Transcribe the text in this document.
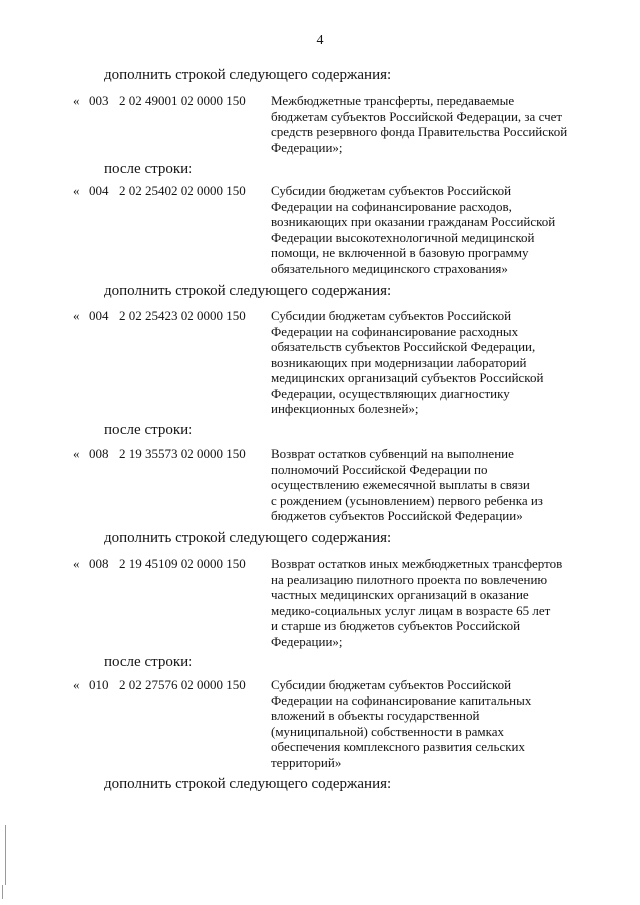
4
дополнить строкой следующего содержания:
« 003 2 02 49001 02 0000 150 Межбюджетные трансферты, передаваемые
бюджетам субъектов Российской Федерации, за счет
средств резервного фонда Правительства Российской
Федерации»;
после строки:
« 004 2 02 25402 02 0000 150 Субсидии бюджетам субъектов Российской
Федерации на софинансирование расходов,
возникающих при оказании гражданам Российской
Федерации высокотехнологичной медицинской
помощи, не включенной в базовую программу
обязательного медицинского страхования»
дополнить строкой следующего содержания:
« 004 2 02 25423 02 0000 150 Субсидии бюджетам субъектов Российской
Федерации на софинансирование расходных
обязательств субъектов Российской Федерации,
возникающих при модернизации лабораторий
медицинских организаций субъектов Российской
Федерации, осуществляющих диагностику
инфекционных болезней»;
после строки:
« 008 2 19 35573 02 0000 150 Возврат остатков субвенций на выполнение
полномочий Российской Федерации по
осуществлению ежемесячной выплаты в связи
с рождением (усыновлением) первого ребенка из
бюджетов субъектов Российской Федерации»
дополнить строкой следующего содержания:
« 008 2 19 45109 02 0000 150 Возврат остатков иных межбюджетных трансфертов
на реализацию пилотного проекта по вовлечению
частных медицинских организаций в оказание
медико-социальных услуг лицам в возрасте 65 лет
и старше из бюджетов субъектов Российской
Федерации»;
после строки:
« 010 2 02 27576 02 0000 150 Субсидии бюджетам субъектов Российской
Федерации на софинансирование капитальных
вложений в объекты государственной
(муниципальной) собственности в рамках
обеспечения комплексного развития сельских
территорий»
дополнить строкой следующего содержания:
